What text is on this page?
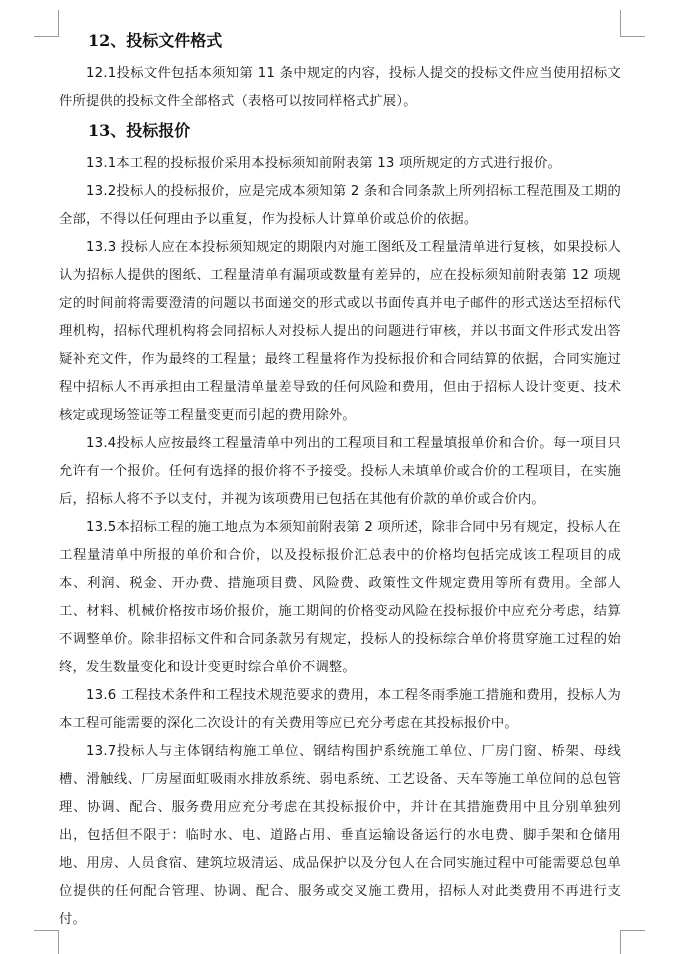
12、投标文件格式

12.1投标文件包括本须知第 11 条中规定的内容，投标人提交的投标文件应当使用招标文件所提供的投标文件全部格式（表格可以按同样格式扩展）。

13、投标报价

13.1本工程的投标报价采用本投标须知前附表第 13 项所规定的方式进行报价。

13.2投标人的投标报价，应是完成本须知第 2 条和合同条款上所列招标工程范围及工期的全部，不得以任何理由予以重复，作为投标人计算单价或总价的依据。

13.3 投标人应在本投标须知规定的期限内对施工图纸及工程量清单进行复核，如果投标人认为招标人提供的图纸、工程量清单有漏项或数量有差异的，应在投标须知前附表第 12 项规定的时间前将需要澄清的问题以书面递交的形式或以书面传真并电子邮件的形式送达至招标代理机构，招标代理机构将会同招标人对投标人提出的问题进行审核，并以书面文件形式发出答疑补充文件，作为最终的工程量；最终工程量将作为投标报价和合同结算的依据，合同实施过程中招标人不再承担由工程量清单量差导致的任何风险和费用，但由于招标人设计变更、技术核定或现场签证等工程量变更而引起的费用除外。

13.4投标人应按最终工程量清单中列出的工程项目和工程量填报单价和合价。每一项目只允许有一个报价。任何有选择的报价将不予接受。投标人未填单价或合价的工程项目，在实施后，招标人将不予以支付，并视为该项费用已包括在其他有价款的单价或合价内。

13.5本招标工程的施工地点为本须知前附表第 2 项所述，除非合同中另有规定，投标人在工程量清单中所报的单价和合价，以及投标报价汇总表中的价格均包括完成该工程项目的成本、利润、税金、开办费、措施项目费、风险费、政策性文件规定费用等所有费用。全部人工、材料、机械价格按市场价报价，施工期间的价格变动风险在投标报价中应充分考虑，结算不调整单价。除非招标文件和合同条款另有规定，投标人的投标综合单价将贯穿施工过程的始终，发生数量变化和设计变更时综合单价不调整。

13.6 工程技术条件和工程技术规范要求的费用，本工程冬雨季施工措施和费用，投标人为本工程可能需要的深化二次设计的有关费用等应已充分考虑在其投标报价中。

13.7投标人与主体钢结构施工单位、钢结构围护系统施工单位、厂房门窗、桥架、母线槽、滑触线、厂房屋面虹吸雨水排放系统、弱电系统、工艺设备、天车等施工单位间的总包管理、协调、配合、服务费用应充分考虑在其投标报价中，并计在其措施费用中且分别单独列出，包括但不限于：临时水、电、道路占用、垂直运输设备运行的水电费、脚手架和仓储用地、用房、人员食宿、建筑垃圾清运、成品保护以及分包人在合同实施过程中可能需要总包单位提供的任何配合管理、协调、配合、服务或交叉施工费用，招标人对此类费用不再进行支付。
